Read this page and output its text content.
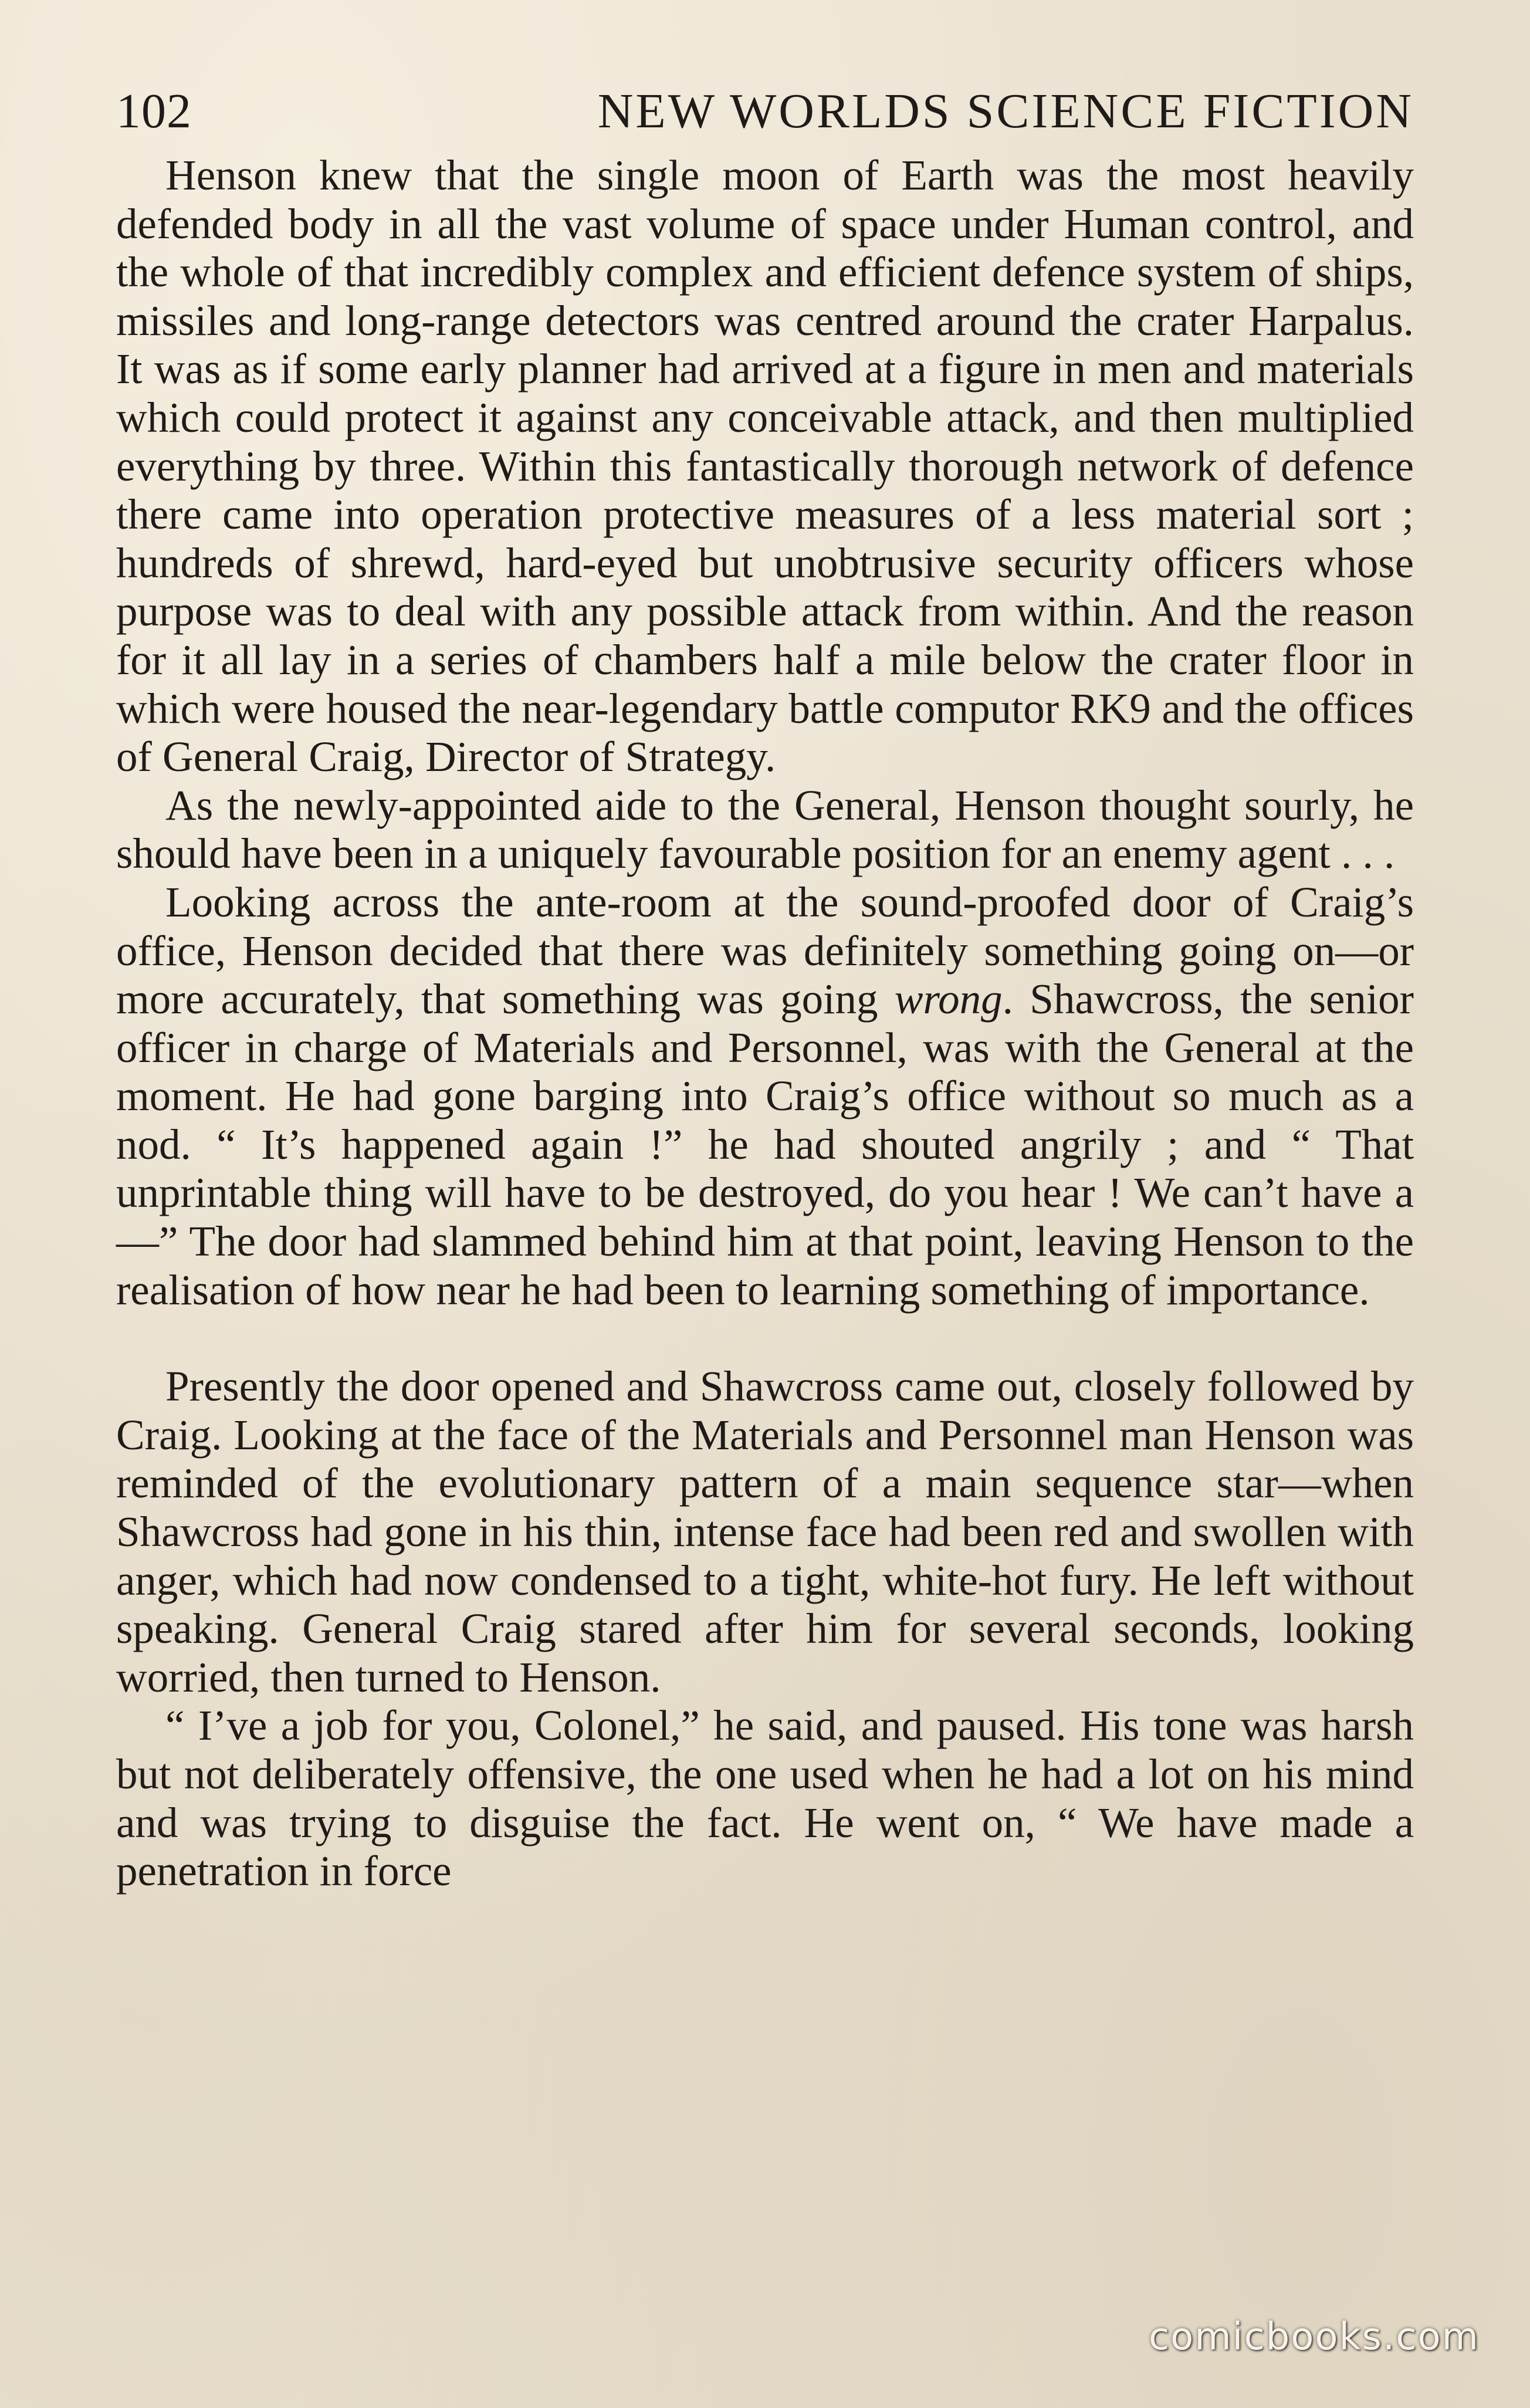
102	NEW WORLDS SCIENCE FICTION

Henson knew that the single moon of Earth was the most heavily defended body in all the vast volume of space under Human control, and the whole of that incredibly complex and efficient defence system of ships, missiles and long-range detectors was centred around the crater Harpalus. It was as if some early planner had arrived at a figure in men and materials which could protect it against any conceivable attack, and then multiplied everything by three. Within this fantastically thorough network of defence there came into operation protective measures of a less material sort ; hundreds of shrewd, hard-eyed but unobtrusive security officers whose purpose was to deal with any possible attack from within. And the reason for it all lay in a series of chambers half a mile below the crater floor in which were housed the near-legendary battle computor RK9 and the offices of General Craig, Director of Strategy.

As the newly-appointed aide to the General, Henson thought sourly, he should have been in a uniquely favourable position for an enemy agent . . .

Looking across the ante-room at the sound-proofed door of Craig’s office, Henson decided that there was definitely something going on—or more accurately, that something was going wrong. Shawcross, the senior officer in charge of Materials and Personnel, was with the General at the moment. He had gone barging into Craig’s office without so much as a nod. “ It’s happened again !” he had shouted angrily ; and “ That unprintable thing will have to be destroyed, do you hear ! We can’t have a—” The door had slammed behind him at that point, leaving Henson to the realisation of how near he had been to learning something of importance.

Presently the door opened and Shawcross came out, closely followed by Craig. Looking at the face of the Materials and Personnel man Henson was reminded of the evolutionary pattern of a main sequence star—when Shawcross had gone in his thin, intense face had been red and swollen with anger, which had now condensed to a tight, white-hot fury. He left without speaking. General Craig stared after him for several seconds, looking worried, then turned to Henson.

“ I’ve a job for you, Colonel,” he said, and paused. His tone was harsh but not deliberately offensive, the one used when he had a lot on his mind and was trying to disguise the fact. He went on, “ We have made a penetration in force

comicbooks.com
